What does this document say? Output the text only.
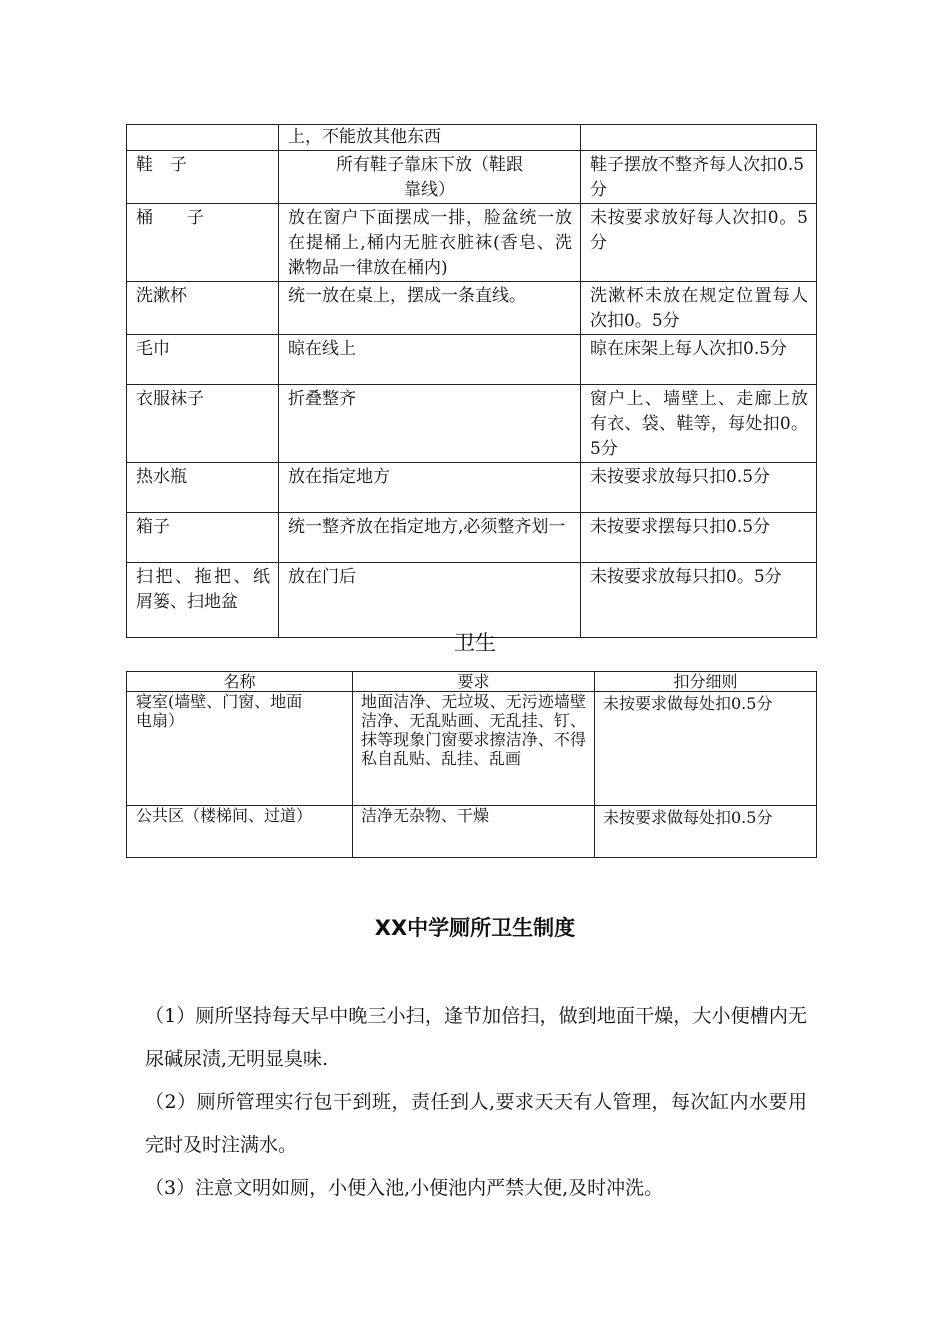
	上，不能放其他东西	
鞋　子	所有鞋子靠床下放（鞋跟靠线）	鞋子摆放不整齐每人次扣0.5分
桶　　子	放在窗户下面摆成一排，脸盆统一放在提桶上,桶内无脏衣脏袜(香皂、洗漱物品一律放在桶内)	未按要求放好每人次扣0。5分
洗漱杯	统一放在桌上，摆成一条直线。	洗漱杯未放在规定位置每人次扣0。5分
毛巾	晾在线上	晾在床架上每人次扣0.5分
衣服袜子	折叠整齐	窗户上、墙壁上、走廊上放有衣、袋、鞋等，每处扣0。5分
热水瓶	放在指定地方	未按要求放每只扣0.5分
箱子	统一整齐放在指定地方,必须整齐划一	未按要求摆每只扣0.5分
扫把、拖把、纸屑篓、扫地盆	放在门后	未按要求放每只扣0。5分
卫生
名称	要求	扣分细则
寝室(墙壁、门窗、地面　　电扇）	地面洁净、无垃圾、无污迹墙壁洁净、无乱贴画、无乱挂、钉、抹等现象门窗要求擦洁净、不得私自乱贴、乱挂、乱画	未按要求做每处扣0.5分
公共区（楼梯间、过道）	洁净无杂物、干燥	未按要求做每处扣0.5分
XX中学厕所卫生制度

（1）厕所坚持每天早中晚三小扫，逢节加倍扫，做到地面干燥，大小便槽内无尿碱尿渍,无明显臭味.

（2）厕所管理实行包干到班，责任到人,要求天天有人管理，每次缸内水要用完时及时注满水。

（3）注意文明如厕，小便入池,小便池内严禁大便,及时冲洗。
